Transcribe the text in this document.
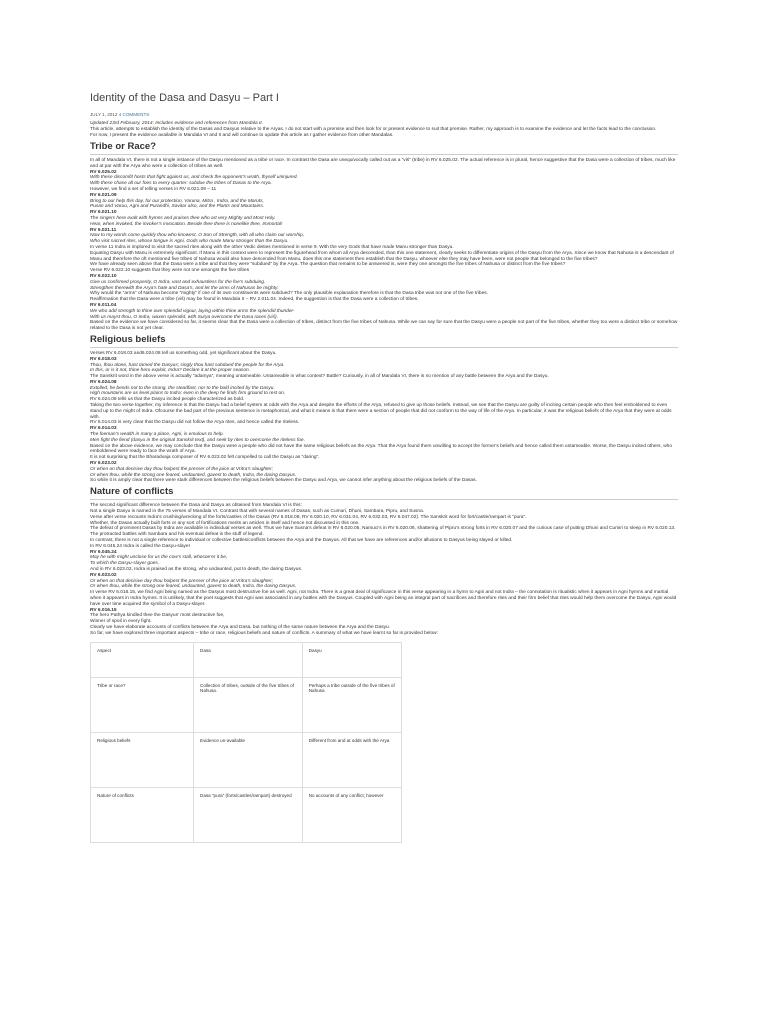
Identity of the Dasa and Dasyu – Part I
JULY 1, 2012 4 COMMENTS

Updated 23rd February, 2014: Includes evidence and references from Mandala II.

This article, attempts to establish the identity of the Dasas and Dasyus relative to the Aryas. I do not start with a premise and then look for or present evidence to suit that premise. Rather, my approach is to examine the evidence and let the facts lead to the conclusion.

For now, I present the evidence available in Mandala VI and II and will continue to update this article as I gather evidence from other Mandalas.

Tribe or Race?

In all of Mandala VI, there is not a single instance of the Dasyu mentioned as a tribe or race. In contrast the Dasa are unequivocally called out as a “viś” (tribe) in RV 6.025.02. The actual reference is in plural, hence suggestive that the Dasa were a collection of tribes, much like and at par with the Arya who were a collection of tribes as well.

RV 6.025.02

With these discomfit hosts that fight against us, and check the opponent’s wrath, thyself uninjured.

With these chase all our foes to every quarter: subdue the tribes of Dasas to the Arya.

However, we find a set of telling verses in RV 6.021.09 – 11

RV 6.021.09

Bring to our help this day, for our protection, Varuna, Mitra , Indra, and the Maruts,

Pusan and Varuu, Agni and Purandhi, Savitar also, and the Plants and Mountains.

RV 6.021.10

The singers here exalt with hymns and praises thee who art very Mighty and Most Holy.

Hear, when invoked, the invoker’s invocation. Beside thee there is nonelike thee, Immortal!

RV 6.021.11

Now to my words come quickly thou who knowest, O Son of Strength, with all who claim our worship,

Who visit sacred rites, whose tongue is Agni, Gods who made Manu stronger than the Dasyu.

In verse 11 Indra is implored to visit the sacred rites along with the other Vedic deities mentioned in verse 9. With the very Gods that have made Manu stronger than Dasyu.

Equating Dasyu with Manu is extremely significant. If Manu in this context were to represent the figurehead from whom all Arya descended, than this one statement, clearly seeks to differentiate origins of the Dasyu from the Arya. Since we know that Nahusa is a descendant of Manu and therefore the oft mentioned five tribes of Nahusa would also have descended from Manu, does this one statement then establish that the Dasyu, whoever else they may have been, were not people that belonged to the five tribes?

We have already seen above that the Dasa were a tribe and that they were “subdued” by the Arya. The question that remains to be answered is, were they one amongst the five tribes of Nahusa or distinct from the five tribes?

Verse RV 6.022.10 suggests that they were not one amongst the five tribes

RV 6.022.10

Give us confirmed prosperity, O Indra, vast and exhaustless for the foe’s subduing.

Strengthen therewith the Arya’s hate and Dasa’s, and let the arms of Nahusas be mighty.

Why would the “arms” of Nahusa become “mighty” if one of its own constituents were subdued? The only plausible explanation therefore is that the Dasa tribe was not one of the five tribes.

Reaffirmation that the Dasa were a tribe (viś) may be found in Mandala II – RV 2.011.04. Indeed, the suggestion is that the Dasa were a collection of tribes.

RV 6.011.04

We who add strength to thine own splendid vigour, laying within thine arms the splendid thunder-

With us mayst thou, O Indra, waxen splendid, with Surya overcome the Dasa races (viś).

Based on the evidence we have considered so far, it seems clear that the Dasa were a collection of tribes, distinct from the five tribes of Nahusa. While we can say for sure that the Dasyu were a people not part of the five tribes, whether they too were a distinct tribe or somehow related to the Dasa is not yet clear.

Religious beliefs

Verses RV 6.018.03 and6.024.08 tell us something odd, yet significant about the Dasyu.

RV 6.018.03

Thou, thou alone, hast tamed the Dasyus; singly thou hast subdued the people for the Arya.

In this, or is it not, thine hero exploit, Indra? Declare it at the proper season.

The Sanskrit word in the above verse is actually “adamya”, meaning untameable. Untameable in what context? Battle? Curiously, in all of Mandala VI, there is no mention of any battle between the Arya and the Dasyu.

RV 6.024.08

Extolled, he bends not to the strong, the steadfast, nor to the bold incited by the Dasyu.

High mountains are as level plains to Indra: even in the deep he finds firm ground to rest on.

RV 6.024.08 tells us that the Dasyu incited people characterized as bold.

Taking the two verse together, my inference is that the Dasyu had a belief system at odds with the Arya and despite the efforts of the Arya, refused to give up those beliefs. Instead, we see that the Dasyu are guilty of inciting certain people who then feel emboldened to even stand up to the might of Indra. Ofcourse the bad part of the previous sentence is metaphorical, and what it means is that there were a section of people that did not conform to the way of life of the Arya. In particular, it was the religious beliefs of the Arya that they were at odds with.

RV 6.014.03 is very clear that the Dasyu did not follow the Arya rites, and hence called the riteless.

RV 6.014.03

The foeman’s wealth in many a place, Agni, is emulous to help.

Men fight the fiend (dasyu in the original Sanskrit text), and seek by rites to overcome the riteless foe.

Based on the above evidence, we may conclude that the Dasyu were a people who did not have the same religious beliefs as the Arya. That the Arya found them unwilling to accept the former’s beliefs and hence called them untameable. Worse, the Dasyu incited others, who emboldened were ready to face the wrath of Arya.

It is not surprising that the Bharadvaja composer of RV 6.023.02 felt compelled to call the Dasyu as “daring”.

RV 6.023.02

Or when on that decisive day thou holpest the presser of the juice at Vritra’s slaughter;

Or when thou, while the strong one feared, undaunted, gavest to death, Indra, the daring Dasyus.

So while it is amply clear that there were stark differences between the religious beliefs between the Dasyu and Arya, we cannot infer anything about the religious beliefs of the Dasas.

Nature of conflicts

The second significant difference between the Dasa and Dasyu as obtained from Mandala VI is this:

Not a single Dasyu is named in the 75 verses of Mandala VI. Contrast that with several names of Dasas, such as Cumuri, Dhuni, Sambara, Pipru, and Susna.

Verse after verse recounts Indra’s crushing/wrecking of the forts/castles of the Dasas (RV 6.018.08, RV 6.020.10, RV 6.031.04, RV 6.032.03, RV 6.047.02). The Sanskrit word for fort/castle/rampart is “pura”.

Whether, the Dasas actually built forts or any sort of fortifications merits an articles in itself and hence not discussed in this one.

The defeat of prominent Dasas by Indra are available in individual verses as well. Thus we have Susna’s defeat in RV 6.020.05, Namuci’s in RV 6.020.06, shattering of Pipru’s strong forts in RV 6.020.07 and the curious case of putting Dhuni and Cumiri to sleep in RV 6.020.13. The protracted battles with Sambara and his eventual defeat is the stuff of legend.

In contrast, there is not a single reference to individual or collective battles/conflicts between the Arya and the Dasyus. All that we have are references and/or allusions to Dasyus being slayed or killed.

In RV 6.045.24 Indra is called the Dasyu-slayer

RV 6.045.24

May he with might unclose for us the cow’s stall, whosoe’er it be,

To which the Dasyu-slayer goes.

And in RV 6.023.02, Indra is praised as the strong, who undaunted, put to death, the daring Dasyus.

RV 6.023.02

Or when on that decisive day thou holpest the presser of the juice at Vritra’s slaughter;

Or when thou, while the strong one feared, undaunted, gavest to death, Indra, the daring Dasyus.

In verse RV 6.016.15, we find Agni being named as the Dasyus most destructive foe as well. Agni, not Indra. There is a great deal of significance in this verse appearing in a hymn to Agni and not Indra – the connotation is ritualistic when it appears in Agni hymns and martial when it appears in Indra hymns. It is unlikely, that the poet suggests that Agni was associated in any battles with the Dasyus. Coupled with Agni being an integral part of sacrifices and therefore rites and their firm belief that rites would help them overcome the Dasyu, Agni would have over time acquired the symbol of a Dasyu-slayer.

RV 6.016.15

The hero Pathya kindled thee the Dasyus’ most destructive foe,

Winner of spoil in every fight.

Clearly we have elaborate accounts of conflicts between the Arya and Dasa, but nothing of the same nature between the Arya and the Dasyu.

So far, we have explored three important aspects – tribe or race, religious beliefs and nature of conflicts. A summary of what we have learnt so far is provided below:

Aspect	Dasa	Dasyu
Tribe or race?	Collection of tribes, outside of the five tribes of Nahusa.	Perhaps a tribe outside of the five tribes of Nahusa
Religious beliefs	Evidence un-available	Different from and at odds with the Arya
Nature of conflicts	Dasa “pura” (forts/castles/rampart) destroyed	No accounts of any conflict; however
